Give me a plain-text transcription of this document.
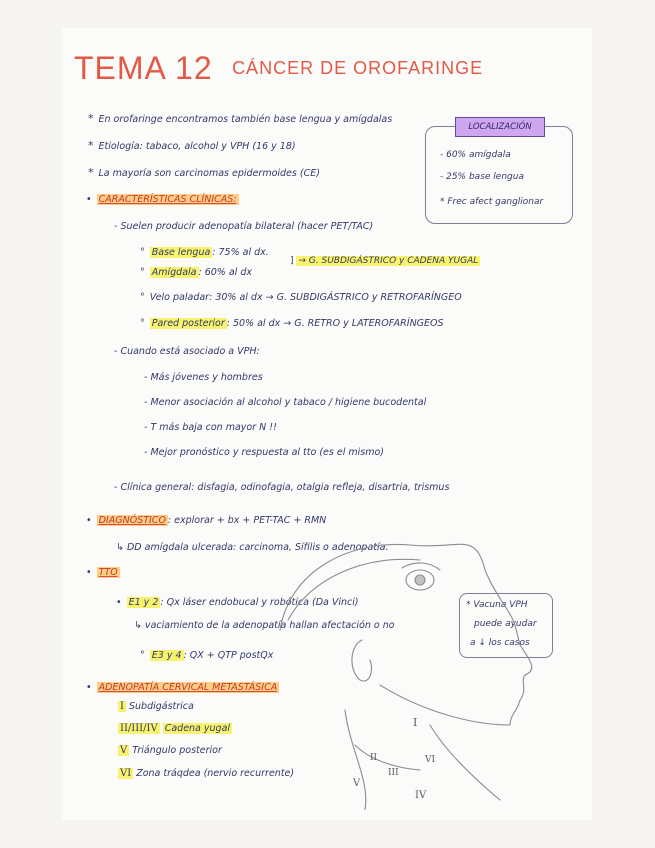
TEMA 12 CÁNCER DE OROFARINGE
* En orofaringe encontramos también base lengua y amígdalas
* Etiología: tabaco, alcohol y VPH (16 y 18)
* La mayoría son carcinomas epidermoides (CE)
LOCALIZACIÓN
- 60% amígdala
- 25% base lengua
* Frec afect ganglionar
• CARACTERÍSTICAS CLÍNICAS:
- Suelen producir adenopatía bilateral (hacer PET/TAC)
° Base lengua : 75% al dx.
° Amígdala : 60% al dx
] → G. SUBDIGÁSTRICO y CADENA YUGAL
° Velo paladar: 30% al dx → G. SUBDIGÁSTRICO y RETROFARÍNGEO
° Pared posterior : 50% al dx → G. RETRO y LATEROFARÍNGEOS
- Cuando está asociado a VPH:
- Más jóvenes y hombres
- Menor asociación al alcohol y tabaco / higiene bucodental
- T más baja con mayor N !!
- Mejor pronóstico y respuesta al tto (es el mismo)
- Clínica general: disfagia, odinofagia, otalgia refleja, disartria, trismus
• DIAGNÓSTICO : explorar + bx + PET-TAC + RMN
↳ DD amígdala ulcerada: carcinoma, Sífilis o adenopatía.
• TTO
• E1 y 2 : Qx láser endobucal y robótica (Da Vinci)
↳ vaciamiento de la adenopatía hallan afectación o no
° E3 y 4 : QX + QTP postQx
* Vacuna VPH
puede ayudar
a ↓ los casos
• ADENOPATÍA CERVICAL METASTÁSICA
I Subdigástrica
II/III/IV Cadena yugal
V Triángulo posterior
VI Zona tráqdea (nervio recurrente)
I
II
III
IV
V
VI
